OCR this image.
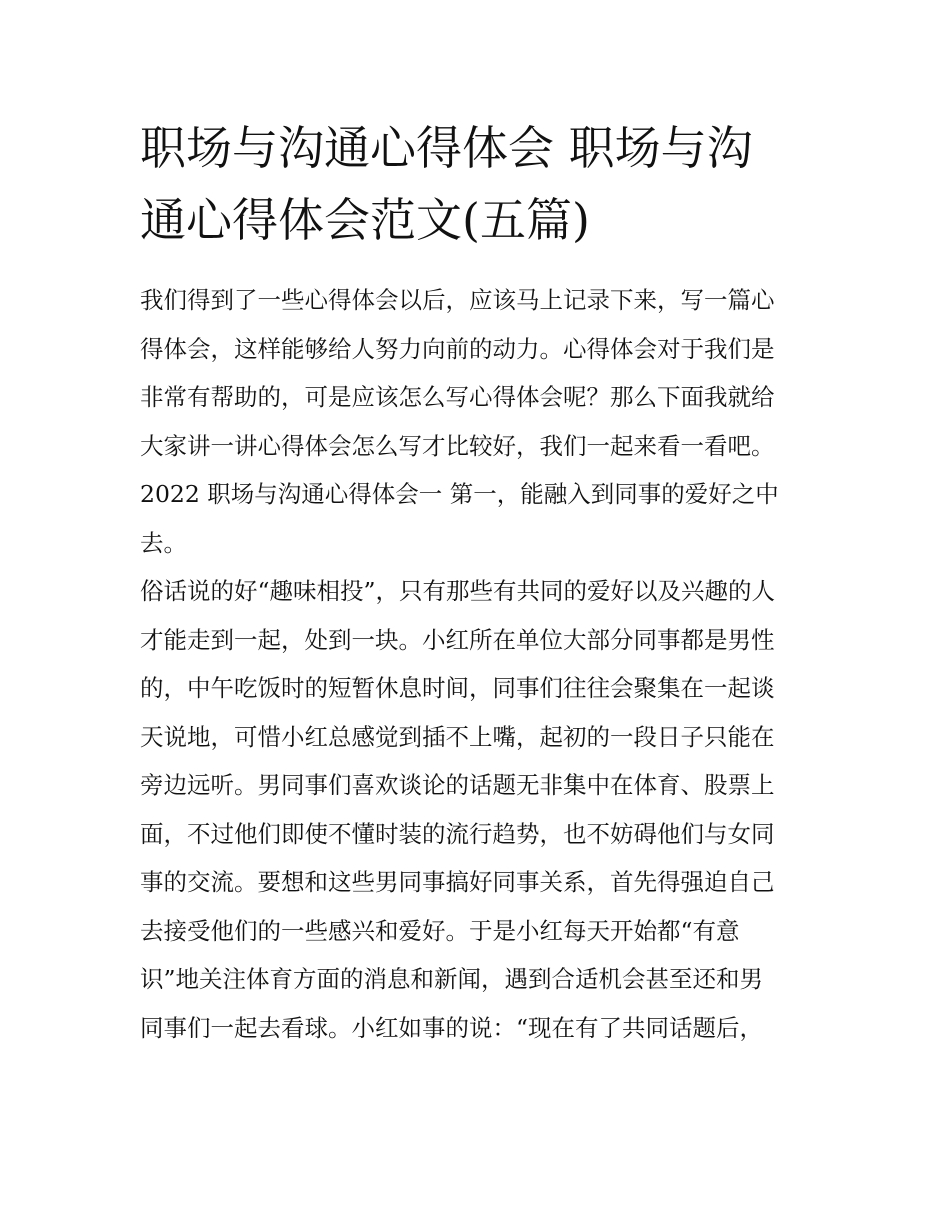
职场与沟通心得体会 职场与沟
通心得体会范文(五篇)
我们得到了一些心得体会以后，应该马上记录下来，写一篇心
得体会，这样能够给人努力向前的动力。心得体会对于我们是
非常有帮助的，可是应该怎么写心得体会呢？那么下面我就给
大家讲一讲心得体会怎么写才比较好，我们一起来看一看吧。
2022 职场与沟通心得体会一 第一，能融入到同事的爱好之中
去。
俗话说的好“趣味相投”，只有那些有共同的爱好以及兴趣的人
才能走到一起，处到一块。小红所在单位大部分同事都是男性
的，中午吃饭时的短暂休息时间，同事们往往会聚集在一起谈
天说地，可惜小红总感觉到插不上嘴，起初的一段日子只能在
旁边远听。男同事们喜欢谈论的话题无非集中在体育、股票上
面，不过他们即使不懂时装的流行趋势，也不妨碍他们与女同
事的交流。要想和这些男同事搞好同事关系，首先得强迫自己
去接受他们的一些感兴和爱好。于是小红每天开始都“有意
识”地关注体育方面的消息和新闻，遇到合适机会甚至还和男
同事们一起去看球。小红如事的说：“现在有了共同话题后，
